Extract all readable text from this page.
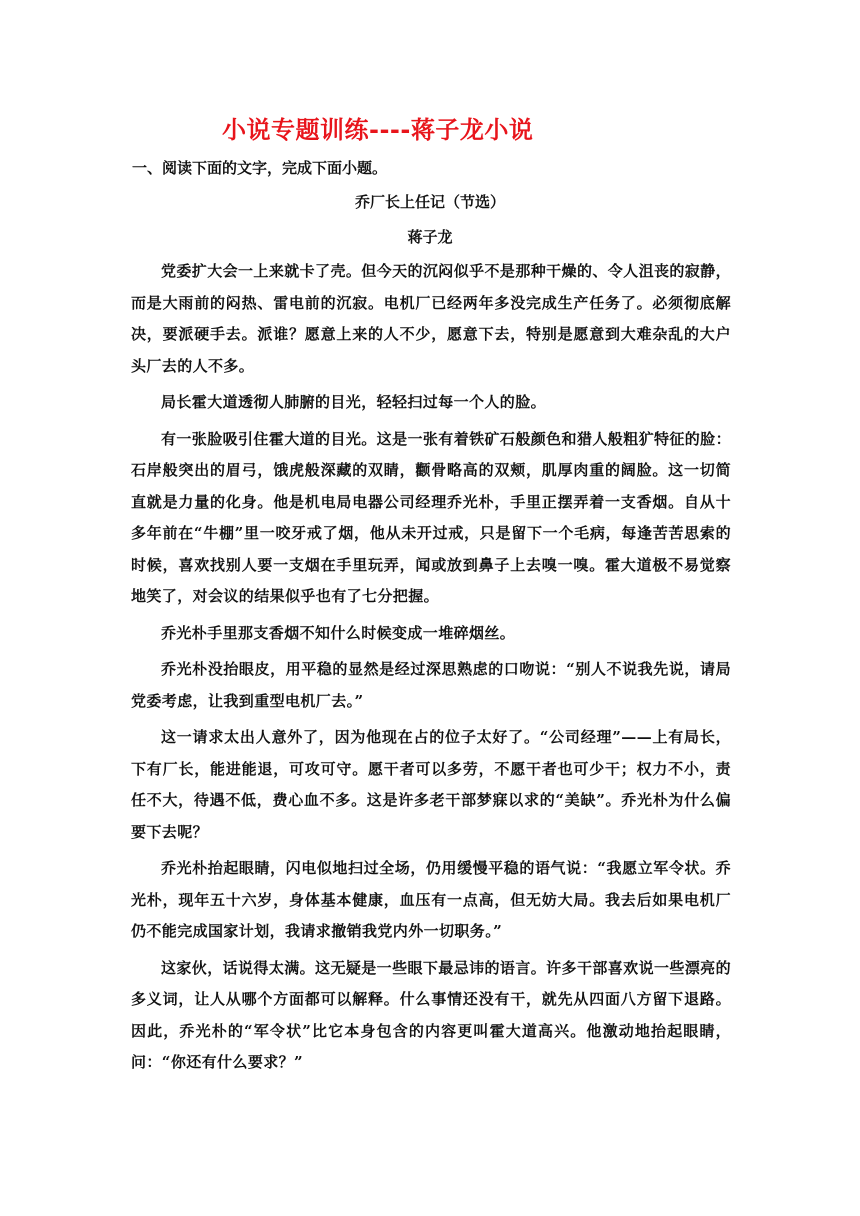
小说专题训练----蒋子龙小说

一、阅读下面的文字，完成下面小题。

乔厂长上任记（节选）

蒋子龙

党委扩大会一上来就卡了壳。但今天的沉闷似乎不是那种干燥的、令人沮丧的寂静，而是大雨前的闷热、雷电前的沉寂。电机厂已经两年多没完成生产任务了。必须彻底解决，要派硬手去。派谁？愿意上来的人不少，愿意下去，特别是愿意到大难杂乱的大户头厂去的人不多。

局长霍大道透彻人肺腑的目光，轻轻扫过每一个人的脸。

有一张脸吸引住霍大道的目光。这是一张有着铁矿石般颜色和猎人般粗犷特征的脸：石岸般突出的眉弓，饿虎般深藏的双睛，颧骨略高的双颊，肌厚肉重的阔脸。这一切简直就是力量的化身。他是机电局电器公司经理乔光朴，手里正摆弄着一支香烟。自从十多年前在“牛棚”里一咬牙戒了烟，他从未开过戒，只是留下一个毛病，每逢苦苦思索的时候，喜欢找别人要一支烟在手里玩弄，闻或放到鼻子上去嗅一嗅。霍大道极不易觉察地笑了，对会议的结果似乎也有了七分把握。

乔光朴手里那支香烟不知什么时候变成一堆碎烟丝。

乔光朴没抬眼皮，用平稳的显然是经过深思熟虑的口吻说：“别人不说我先说，请局党委考虑，让我到重型电机厂去。”

这一请求太出人意外了，因为他现在占的位子太好了。“公司经理”——上有局长，下有厂长，能进能退，可攻可守。愿干者可以多劳，不愿干者也可少干；权力不小，责任不大，待遇不低，费心血不多。这是许多老干部梦寐以求的“美缺”。乔光朴为什么偏要下去呢？

乔光朴抬起眼睛，闪电似地扫过全场，仍用缓慢平稳的语气说：“我愿立军令状。乔光朴，现年五十六岁，身体基本健康，血压有一点高，但无妨大局。我去后如果电机厂仍不能完成国家计划，我请求撤销我党内外一切职务。”

这家伙，话说得太满。这无疑是一些眼下最忌讳的语言。许多干部喜欢说一些漂亮的多义词，让人从哪个方面都可以解释。什么事情还没有干，就先从四面八方留下退路。因此，乔光朴的“军令状”比它本身包含的内容更叫霍大道高兴。他激动地抬起眼睛，问：“你还有什么要求？”
